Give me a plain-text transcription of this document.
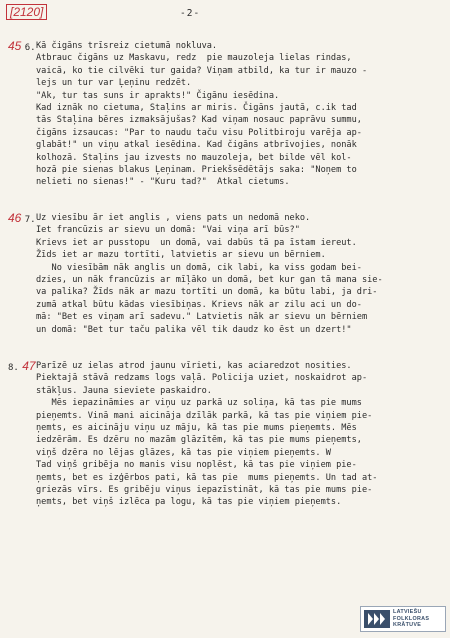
[2120]	-2-
45 6. Kā čigāns trīsreiz cietumā nokluva.
Atbrauc čigāns uz Maskavu, redz  pie mauzoleja lielas rindas,
vaicā, ko tie cilvēki tur gaida? Viņam atbild, ka tur ir mauzo -
lejs un tur var Ļeņinu redzēt.
"Ak, tur tas suns ir aprakts!" Čigānu iesēdina.
Kad iznāk no cietuma, Staļins ar miris. Čigāns jautā, c.ik tad
tās Staļina bēres izmaksājušas? Kad viņam nosauc paprāvu summu,
čigāns izsaucas: "Par to naudu taču visu Politbiroju varēja ap-
glabāt!" un viņu atkal iesēdina. Kad čigāns atbrīvojies, nonāk
kolhozā. Staļins jau izvests no mauzoleja, bet bilde vēl kol-
hozā pie sienas blakus Ļeņinam. Priekšsēdētājs saka: "Noņem to
nelieti no sienas!" - "Kuru tad?"  Atkal cietums.
46 7. Uz viesību ār iet anglis , viens pats un nedomā neko.
Iet francūzis ar sievu un domā: "Vai viņa arī būs?"
Krievs iet ar pusstopu  un domā, vai dabūs tā pa īstam iereut.
Žīds iet ar mazu tortīti, latvietis ar sievu un bērniem.
No viesībām nāk anglis un domā, cik labi, ka viss godam bei-
dzies, un nāk francūzis ar mīļāko un domā, bet kur gan tā mana sie-
va palika? Žīds nāk ar mazu tortīti un domā, ka būtu labi, ja dri-
zumā atkal būtu kādas viesībiņas. Krievs nāk ar zilu aci un do-
mā: "Bet es viņam arī sadevu." Latvietis nāk ar sievu un bērniem
un domā: "Bet tur taču palika vēl tik daudz ko ēst un dzert!"
8. 47 Parīzē uz ielas atrod jaunu vīrieti, kas aciaredzot nosities.
Piektajā stāvā redzams logs vaļā. Policija uziet, noskaidrot ap-
stākļus. Jauna sieviete paskaidro.
Mēs iepazināmies ar viņu uz parkā uz soliņa, kā tas pie mums
pieņemts. Vinā mani aicināja dzīlāk parkā, kā tas pie viņiem pie-
ņemts, es aicināju viņu uz māju, kā tas pie mums pieņemts. Mēs
iedzērām. Es dzēru no mazām glāzītēm, kā tas pie mums pieņemts,
viņš dzēra no lējas glāzes, kā tas pie viņiem pieņemts. W
Tad viņš gribēja no manis visu noplēst, kā tas pie viņiem pie-
ņemts, bet es izģērbos pati, kā tas pie  mums pieņemts. Un tad at-
griezās vīrs. Es gribēju viņus iepazīstināt, kā tas pie mums pie-
ņemts, bet viņš izlēca pa logu, kā tas pie viņiem pieņemts.
LATVIEŠU
FOLKLORAS
KRĀTUVE
